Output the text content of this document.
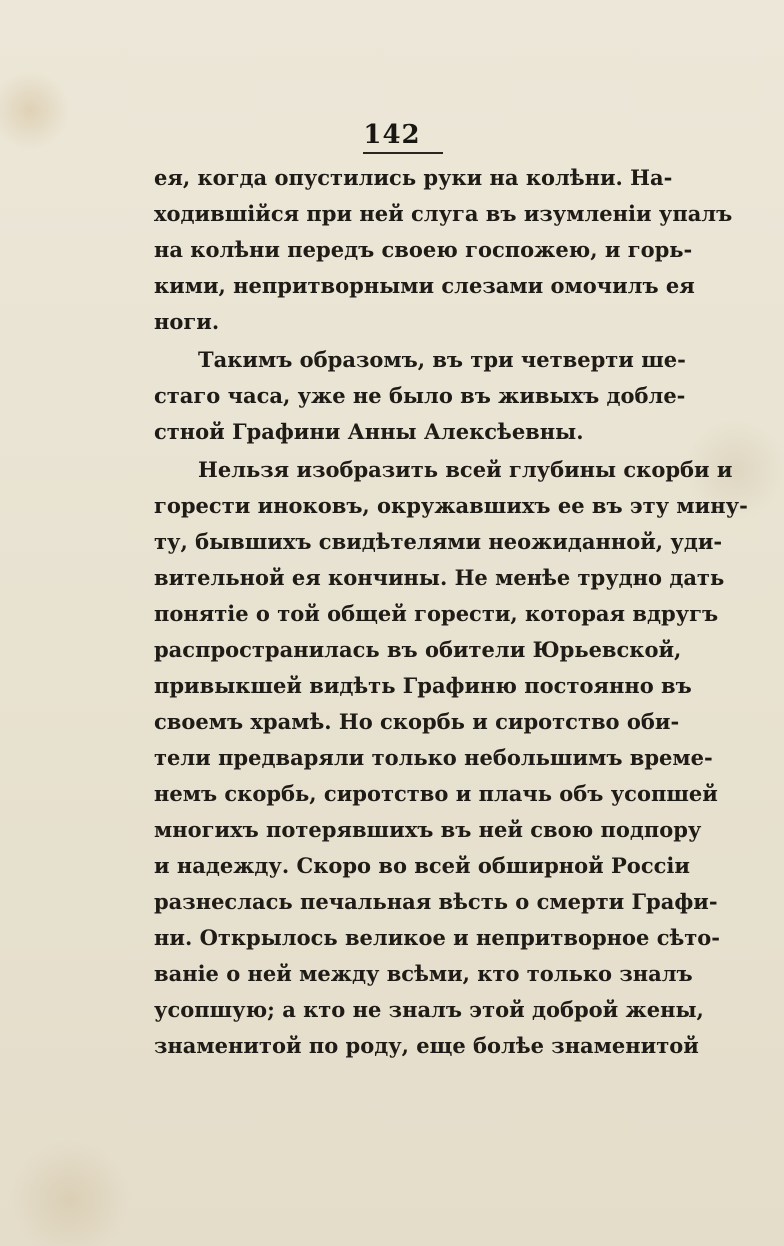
142
ея, когда опустились руки на колѣни. На-
ходившійся при ней слуга въ изумленіи упалъ
на колѣни передъ своею госпожею, и горь-
кими, непритворными слезами омочилъ ея
ноги.
Такимъ образомъ, въ три четверти ше-
стаго часа, уже не было въ живыхъ добле-
стной Графини Анны Алексѣевны.
Нельзя изобразить всей глубины скорби и
горести иноковъ, окружавшихъ ее въ эту мину-
ту, бывшихъ свидѣтелями неожиданной, уди-
вительной ея кончины. Не менѣе трудно дать
понятіе о той общей горести, которая вдругъ
распространилась въ обители Юрьевской,
привыкшей видѣть Графиню постоянно въ
своемъ храмѣ. Но скорбь и сиротство оби-
тели предваряли только небольшимъ време-
немъ скорбь, сиротство и плачь объ усопшей
многихъ потерявшихъ въ ней свою подпору
и надежду. Скоро во всей обширной Россіи
разнеслась печальная вѣсть о смерти Графи-
ни. Открылось великое и непритворное сѣто-
ваніе о ней между всѣми, кто только зналъ
усопшую; а кто не зналъ этой доброй жены,
знаменитой по роду, еще болѣе знаменитой
